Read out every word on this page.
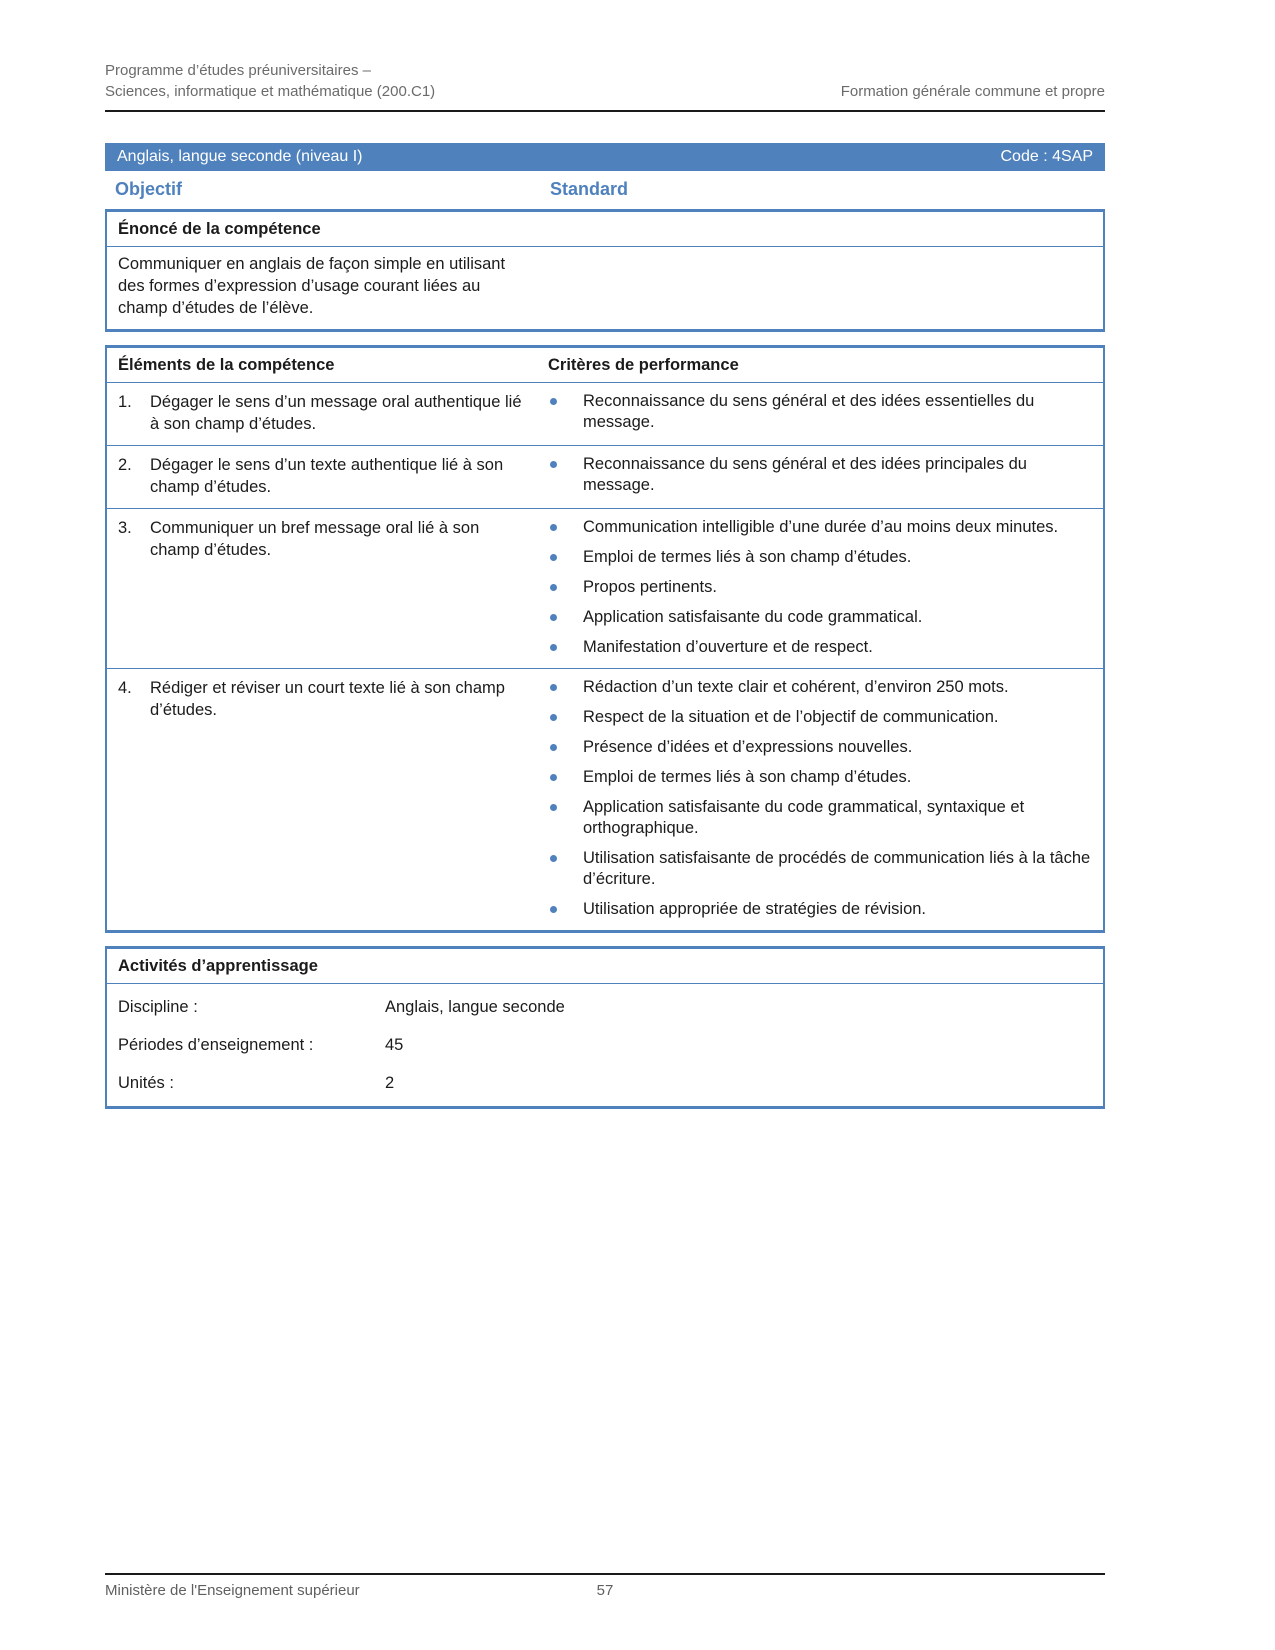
Programme d’études préuniversitaires –
Sciences, informatique et mathématique (200.C1)	Formation générale commune et propre
Anglais, langue seconde (niveau I)	Code : 4SAP
Objectif	Standard
Énoncé de la compétence
Communiquer en anglais de façon simple en utilisant des formes d’expression d’usage courant liées au champ d’études de l’élève.
Éléments de la compétence	Critères de performance
1.	Dégager le sens d’un message oral authentique lié à son champ d’études.
Reconnaissance du sens général et des idées essentielles du message.
2.	Dégager le sens d’un texte authentique lié à son champ d’études.
Reconnaissance du sens général et des idées principales du message.
3.	Communiquer un bref message oral lié à son champ d’études.
Communication intelligible d’une durée d’au moins deux minutes.
Emploi de termes liés à son champ d’études.
Propos pertinents.
Application satisfaisante du code grammatical.
Manifestation d’ouverture et de respect.
4.	Rédiger et réviser un court texte lié à son champ d’études.
Rédaction d’un texte clair et cohérent, d’environ 250 mots.
Respect de la situation et de l’objectif de communication.
Présence d’idées et d’expressions nouvelles.
Emploi de termes liés à son champ d’études.
Application satisfaisante du code grammatical, syntaxique et orthographique.
Utilisation satisfaisante de procédés de communication liés à la tâche d’écriture.
Utilisation appropriée de stratégies de révision.
Activités d’apprentissage
Discipline :	Anglais, langue seconde
Périodes d’enseignement :	45
Unités :	2
Ministère de l'Enseignement supérieur	57
